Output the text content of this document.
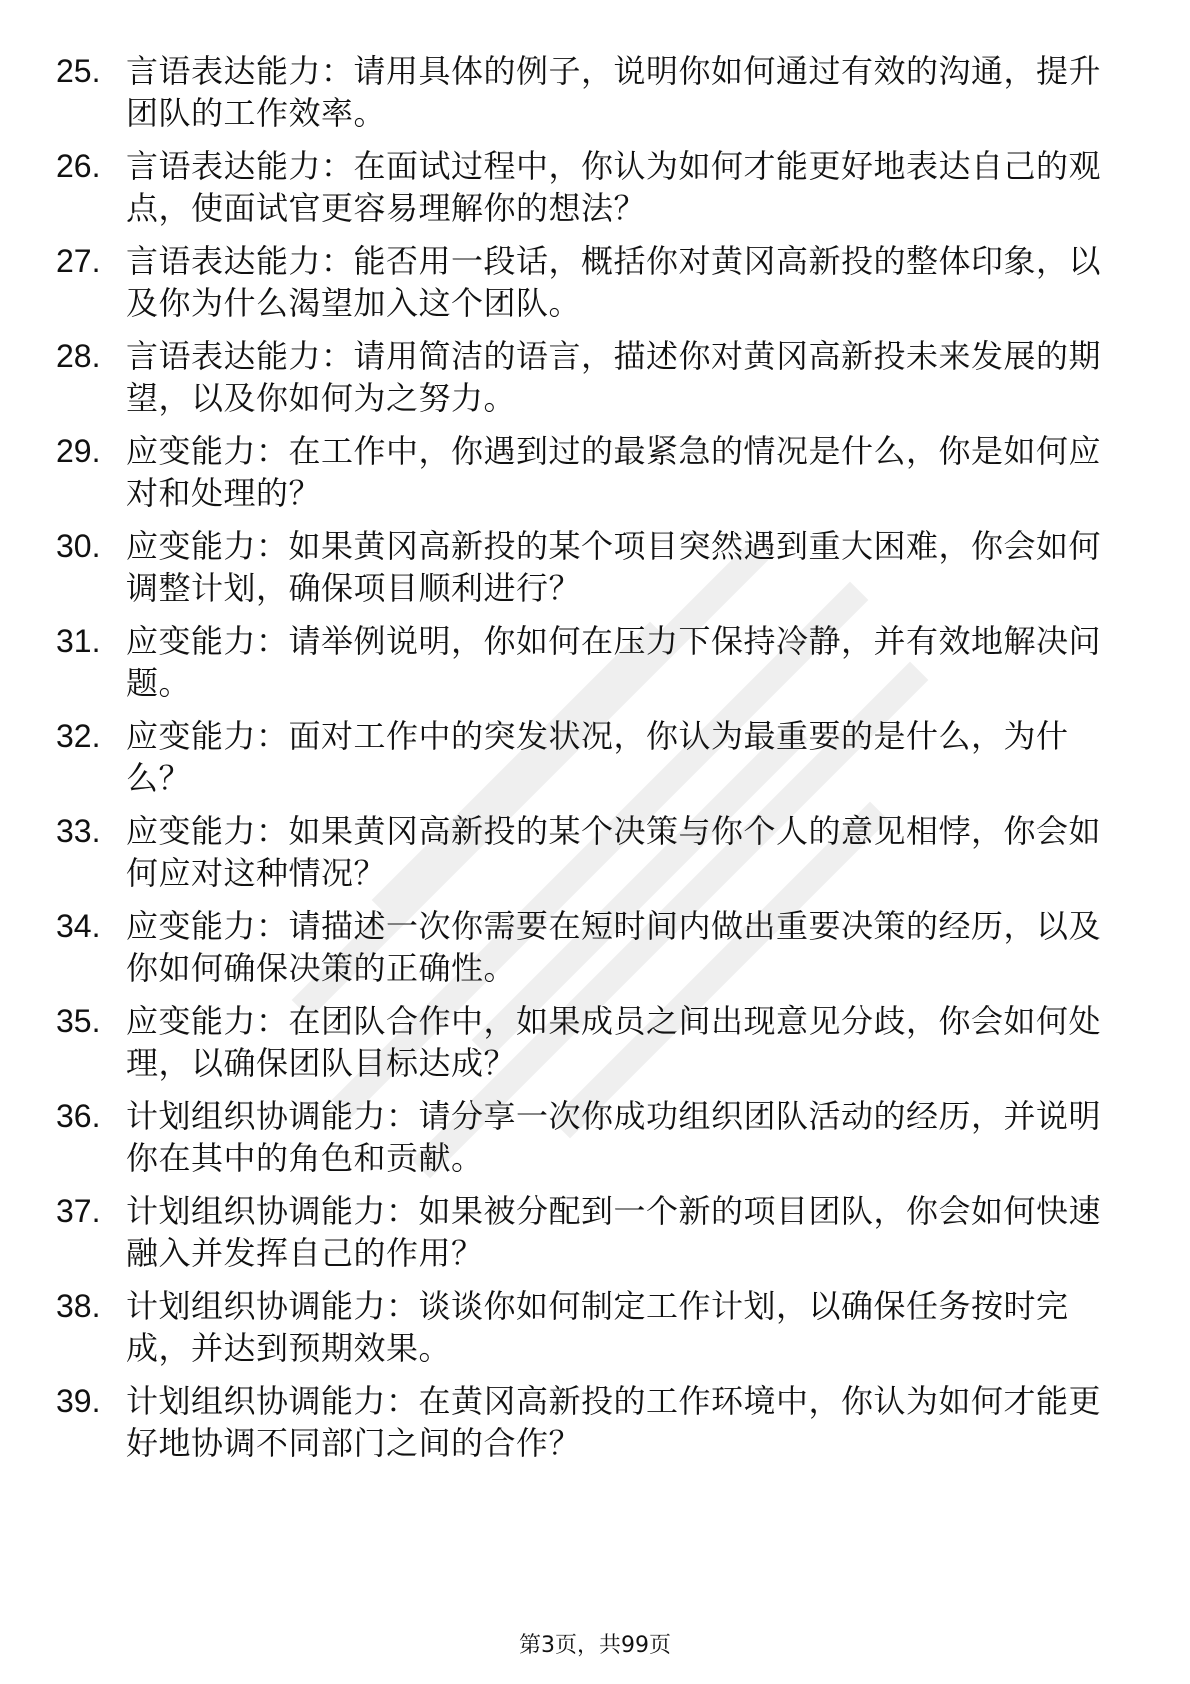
25. 言语表达能力：请用具体的例子，说明你如何通过有效的沟通，提升团队的工作效率。
26. 言语表达能力：在面试过程中，你认为如何才能更好地表达自己的观点，使面试官更容易理解你的想法？
27. 言语表达能力：能否用一段话，概括你对黄冈高新投的整体印象，以及你为什么渴望加入这个团队。
28. 言语表达能力：请用简洁的语言，描述你对黄冈高新投未来发展的期望，以及你如何为之努力。
29. 应变能力：在工作中，你遇到过的最紧急的情况是什么，你是如何应对和处理的？
30. 应变能力：如果黄冈高新投的某个项目突然遇到重大困难，你会如何调整计划，确保项目顺利进行？
31. 应变能力：请举例说明，你如何在压力下保持冷静，并有效地解决问题。
32. 应变能力：面对工作中的突发状况，你认为最重要的是什么，为什么？
33. 应变能力：如果黄冈高新投的某个决策与你个人的意见相悖，你会如何应对这种情况？
34. 应变能力：请描述一次你需要在短时间内做出重要决策的经历，以及你如何确保决策的正确性。
35. 应变能力：在团队合作中，如果成员之间出现意见分歧，你会如何处理，以确保团队目标达成？
36. 计划组织协调能力：请分享一次你成功组织团队活动的经历，并说明你在其中的角色和贡献。
37. 计划组织协调能力：如果被分配到一个新的项目团队，你会如何快速融入并发挥自己的作用？
38. 计划组织协调能力：谈谈你如何制定工作计划，以确保任务按时完成，并达到预期效果。
39. 计划组织协调能力：在黄冈高新投的工作环境中，你认为如何才能更好地协调不同部门之间的合作？
第3页，共99页
